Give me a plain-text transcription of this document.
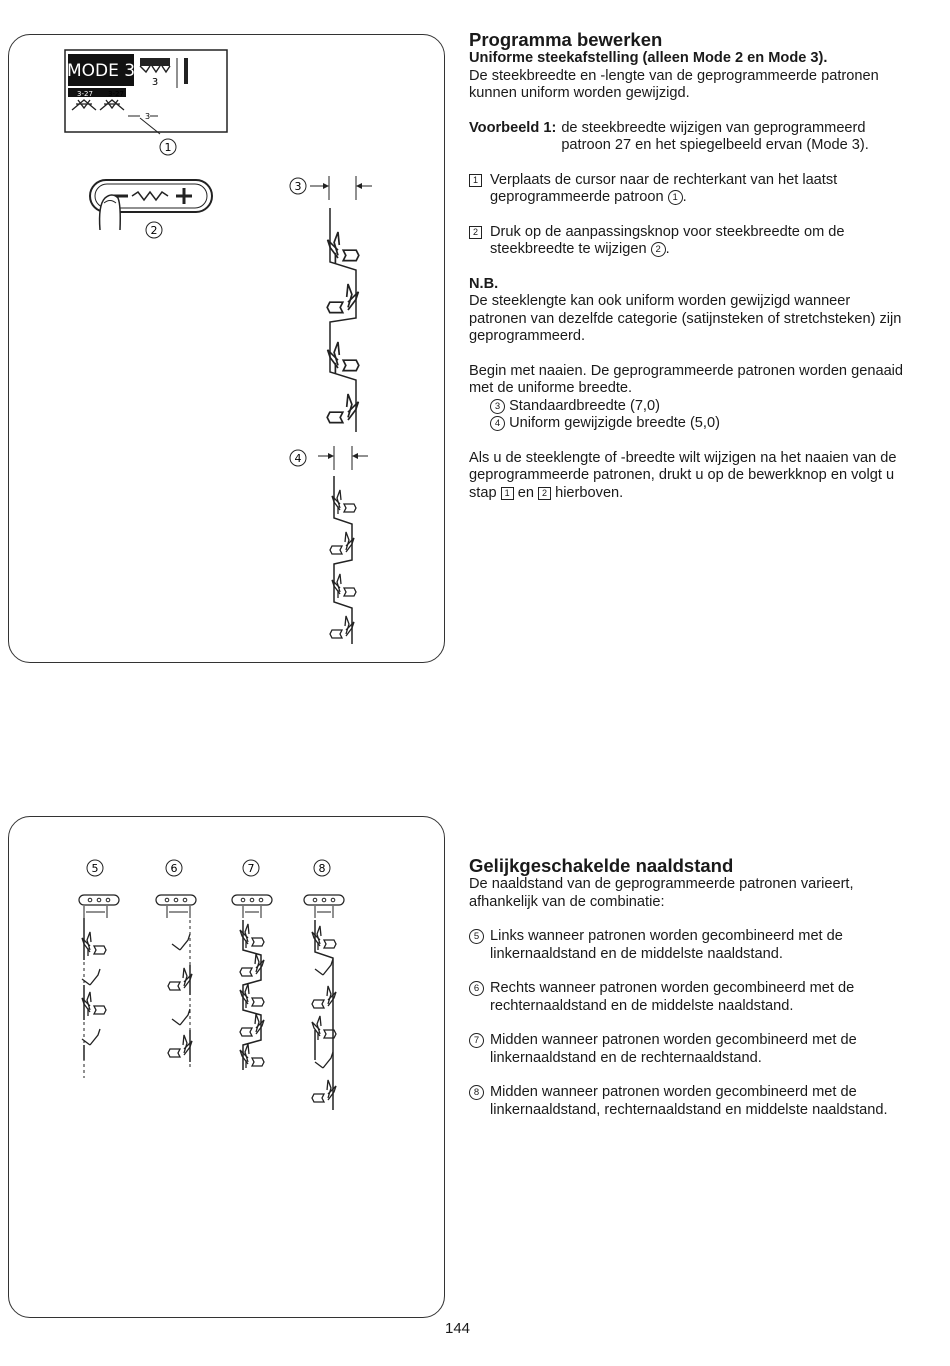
MODE 3
3
3-27 3-27
3
1
2
3
4
5	6	7	8

Programma bewerken

Uniforme steekafstelling (alleen Mode 2 en Mode 3).

De steekbreedte en -lengte van de geprogrammeerde patronen kunnen uniform worden gewijzigd.

Voorbeeld 1: de steekbreedte wijzigen van geprogrammeerd patroon 27 en het spiegelbeeld ervan (Mode 3).
1 Verplaats de cursor naar de rechterkant van het laatst geprogrammeerde patroon 1 .
2 Druk op de aanpassingsknop voor steekbreedte om de steekbreedte te wijzigen 2 .

N.B.

De steeklengte kan ook uniform worden gewijzigd wanneer patronen van dezelfde categorie (satijnsteken of stretchsteken) zijn geprogrammeerd.

Begin met naaien. De geprogrammeerde patronen worden genaaid met de uniforme breedte.

3 Standaardbreedte (7,0)

4 Uniform gewijzigde breedte (5,0)

Als u de steeklengte of -breedte wilt wijzigen na het naaien van de geprogrammeerde patronen, drukt u op de bewerkknop en volgt u stap 1 en 2 hierboven.

Gelijkgeschakelde naaldstand

De naaldstand van de geprogrammeerde patronen varieert, afhankelijk van de combinatie:

5 Links wanneer patronen worden gecombineerd met de linkernaaldstand en de middelste naaldstand.
6 Rechts wanneer patronen worden gecombineerd met de rechternaaldstand en de middelste naaldstand.
7 Midden wanneer patronen worden gecombineerd met de linkernaaldstand en de rechternaaldstand.
8 Midden wanneer patronen worden gecombineerd met de linkernaaldstand, rechternaaldstand en middelste naaldstand.
144
